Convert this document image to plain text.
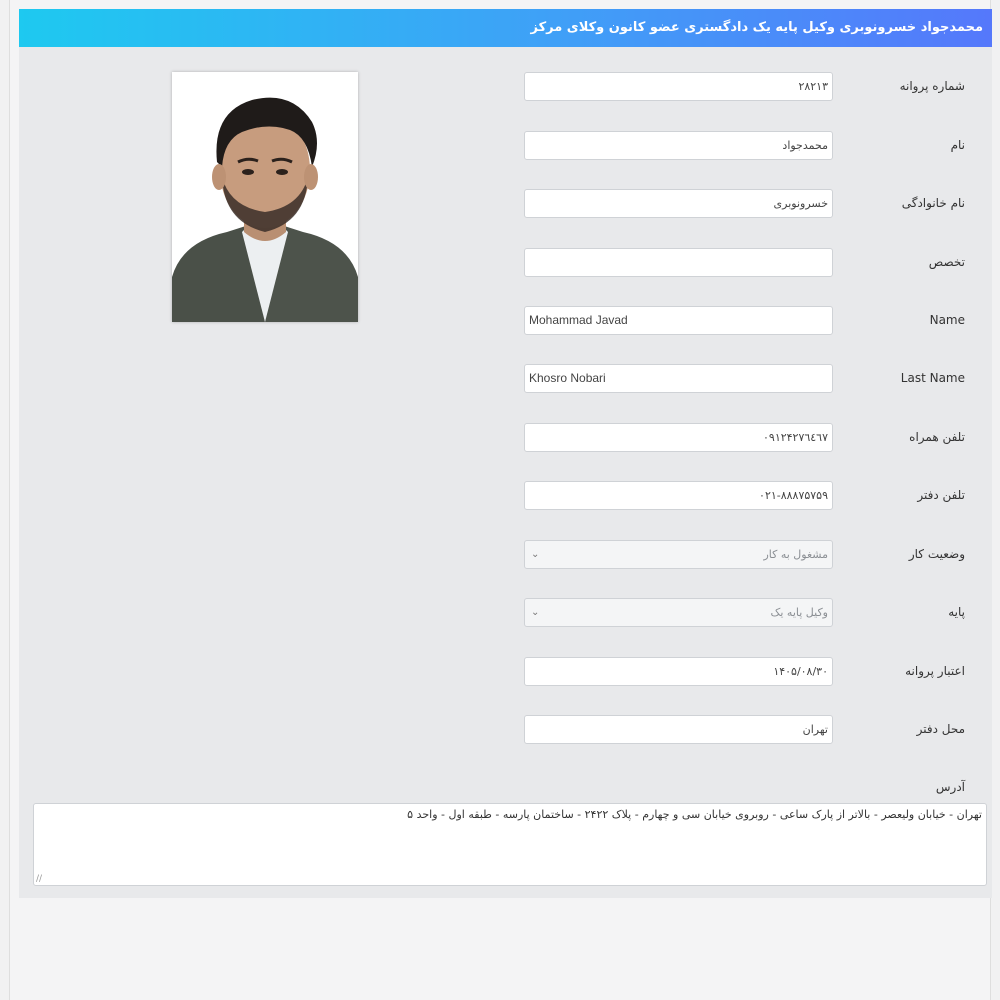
محمدجواد خسرونوبری وکیل پایه یک دادگستری عضو کانون وکلای مرکز
شماره پروانه
۲۸۲۱۳
نام
محمدجواد
نام خانوادگی
خسرونوبری
تخصص
Name
Mohammad Javad
Last Name
Khosro Nobari
تلفن همراه
۰۹۱۲۴۲۷٦٤٦۷
تلفن دفتر
۰۲۱-۸۸۸۷۵۷۵۹
وضعیت کار
مشغول به کار
⌄
پایه
وکیل پایه یک
⌄
اعتبار پروانه
۱۴۰۵/۰۸/۳۰
محل دفتر
تهران
آدرس
تهران - خیابان ولیعصر - بالاتر از پارک ساعی - روبروی خیابان سی و چهارم - پلاک ۲۴۲۲ - ساختمان پارسه - طبقه اول - واحد ۵
∕∕
